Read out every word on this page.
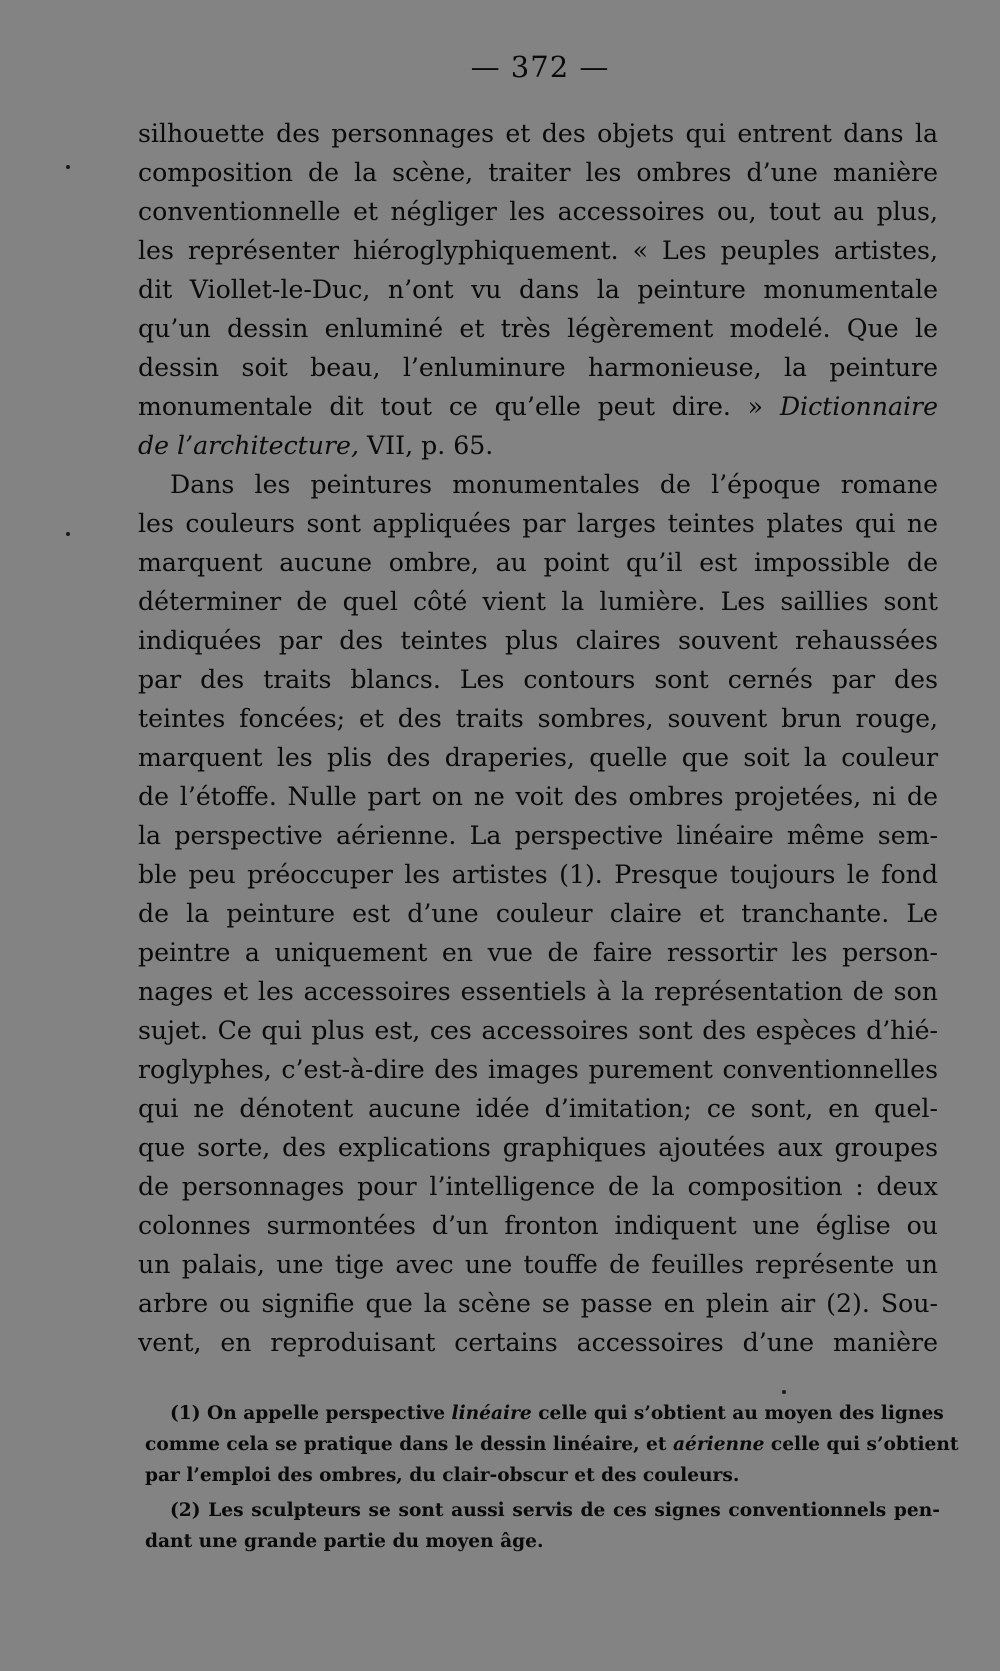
— 372 —
silhouette des personnages et des objets qui entrent dans la
composition de la scène, traiter les ombres d’une manière
conventionnelle et négliger les accessoires ou, tout au plus,
les représenter hiéroglyphiquement. « Les peuples artistes,
dit Viollet-le-Duc, n’ont vu dans la peinture monumentale
qu’un dessin enluminé et très légèrement modelé. Que le
dessin soit beau, l’enluminure harmonieuse, la peinture
monumentale dit tout ce qu’elle peut dire. » Dictionnaire
de l’architecture, VII, p. 65.
Dans les peintures monumentales de l’époque romane
les couleurs sont appliquées par larges teintes plates qui ne
marquent aucune ombre, au point qu’il est impossible de
déterminer de quel côté vient la lumière. Les saillies sont
indiquées par des teintes plus claires souvent rehaussées
par des traits blancs. Les contours sont cernés par des
teintes foncées; et des traits sombres, souvent brun rouge,
marquent les plis des draperies, quelle que soit la couleur
de l’étoffe. Nulle part on ne voit des ombres projetées, ni de
la perspective aérienne. La perspective linéaire même sem-
ble peu préoccuper les artistes (1). Presque toujours le fond
de la peinture est d’une couleur claire et tranchante. Le
peintre a uniquement en vue de faire ressortir les person-
nages et les accessoires essentiels à la représentation de son
sujet. Ce qui plus est, ces accessoires sont des espèces d’hié-
roglyphes, c’est-à-dire des images purement conventionnelles
qui ne dénotent aucune idée d’imitation; ce sont, en quel-
que sorte, des explications graphiques ajoutées aux groupes
de personnages pour l’intelligence de la composition : deux
colonnes surmontées d’un fronton indiquent une église ou
un palais, une tige avec une touffe de feuilles représente un
arbre ou signifie que la scène se passe en plein air (2). Sou-
vent, en reproduisant certains accessoires d’une manière
(1) On appelle perspective linéaire celle qui s’obtient au moyen des lignes
comme cela se pratique dans le dessin linéaire, et aérienne celle qui s’obtient
par l’emploi des ombres, du clair-obscur et des couleurs.
(2) Les sculpteurs se sont aussi servis de ces signes conventionnels pen-
dant une grande partie du moyen âge.
